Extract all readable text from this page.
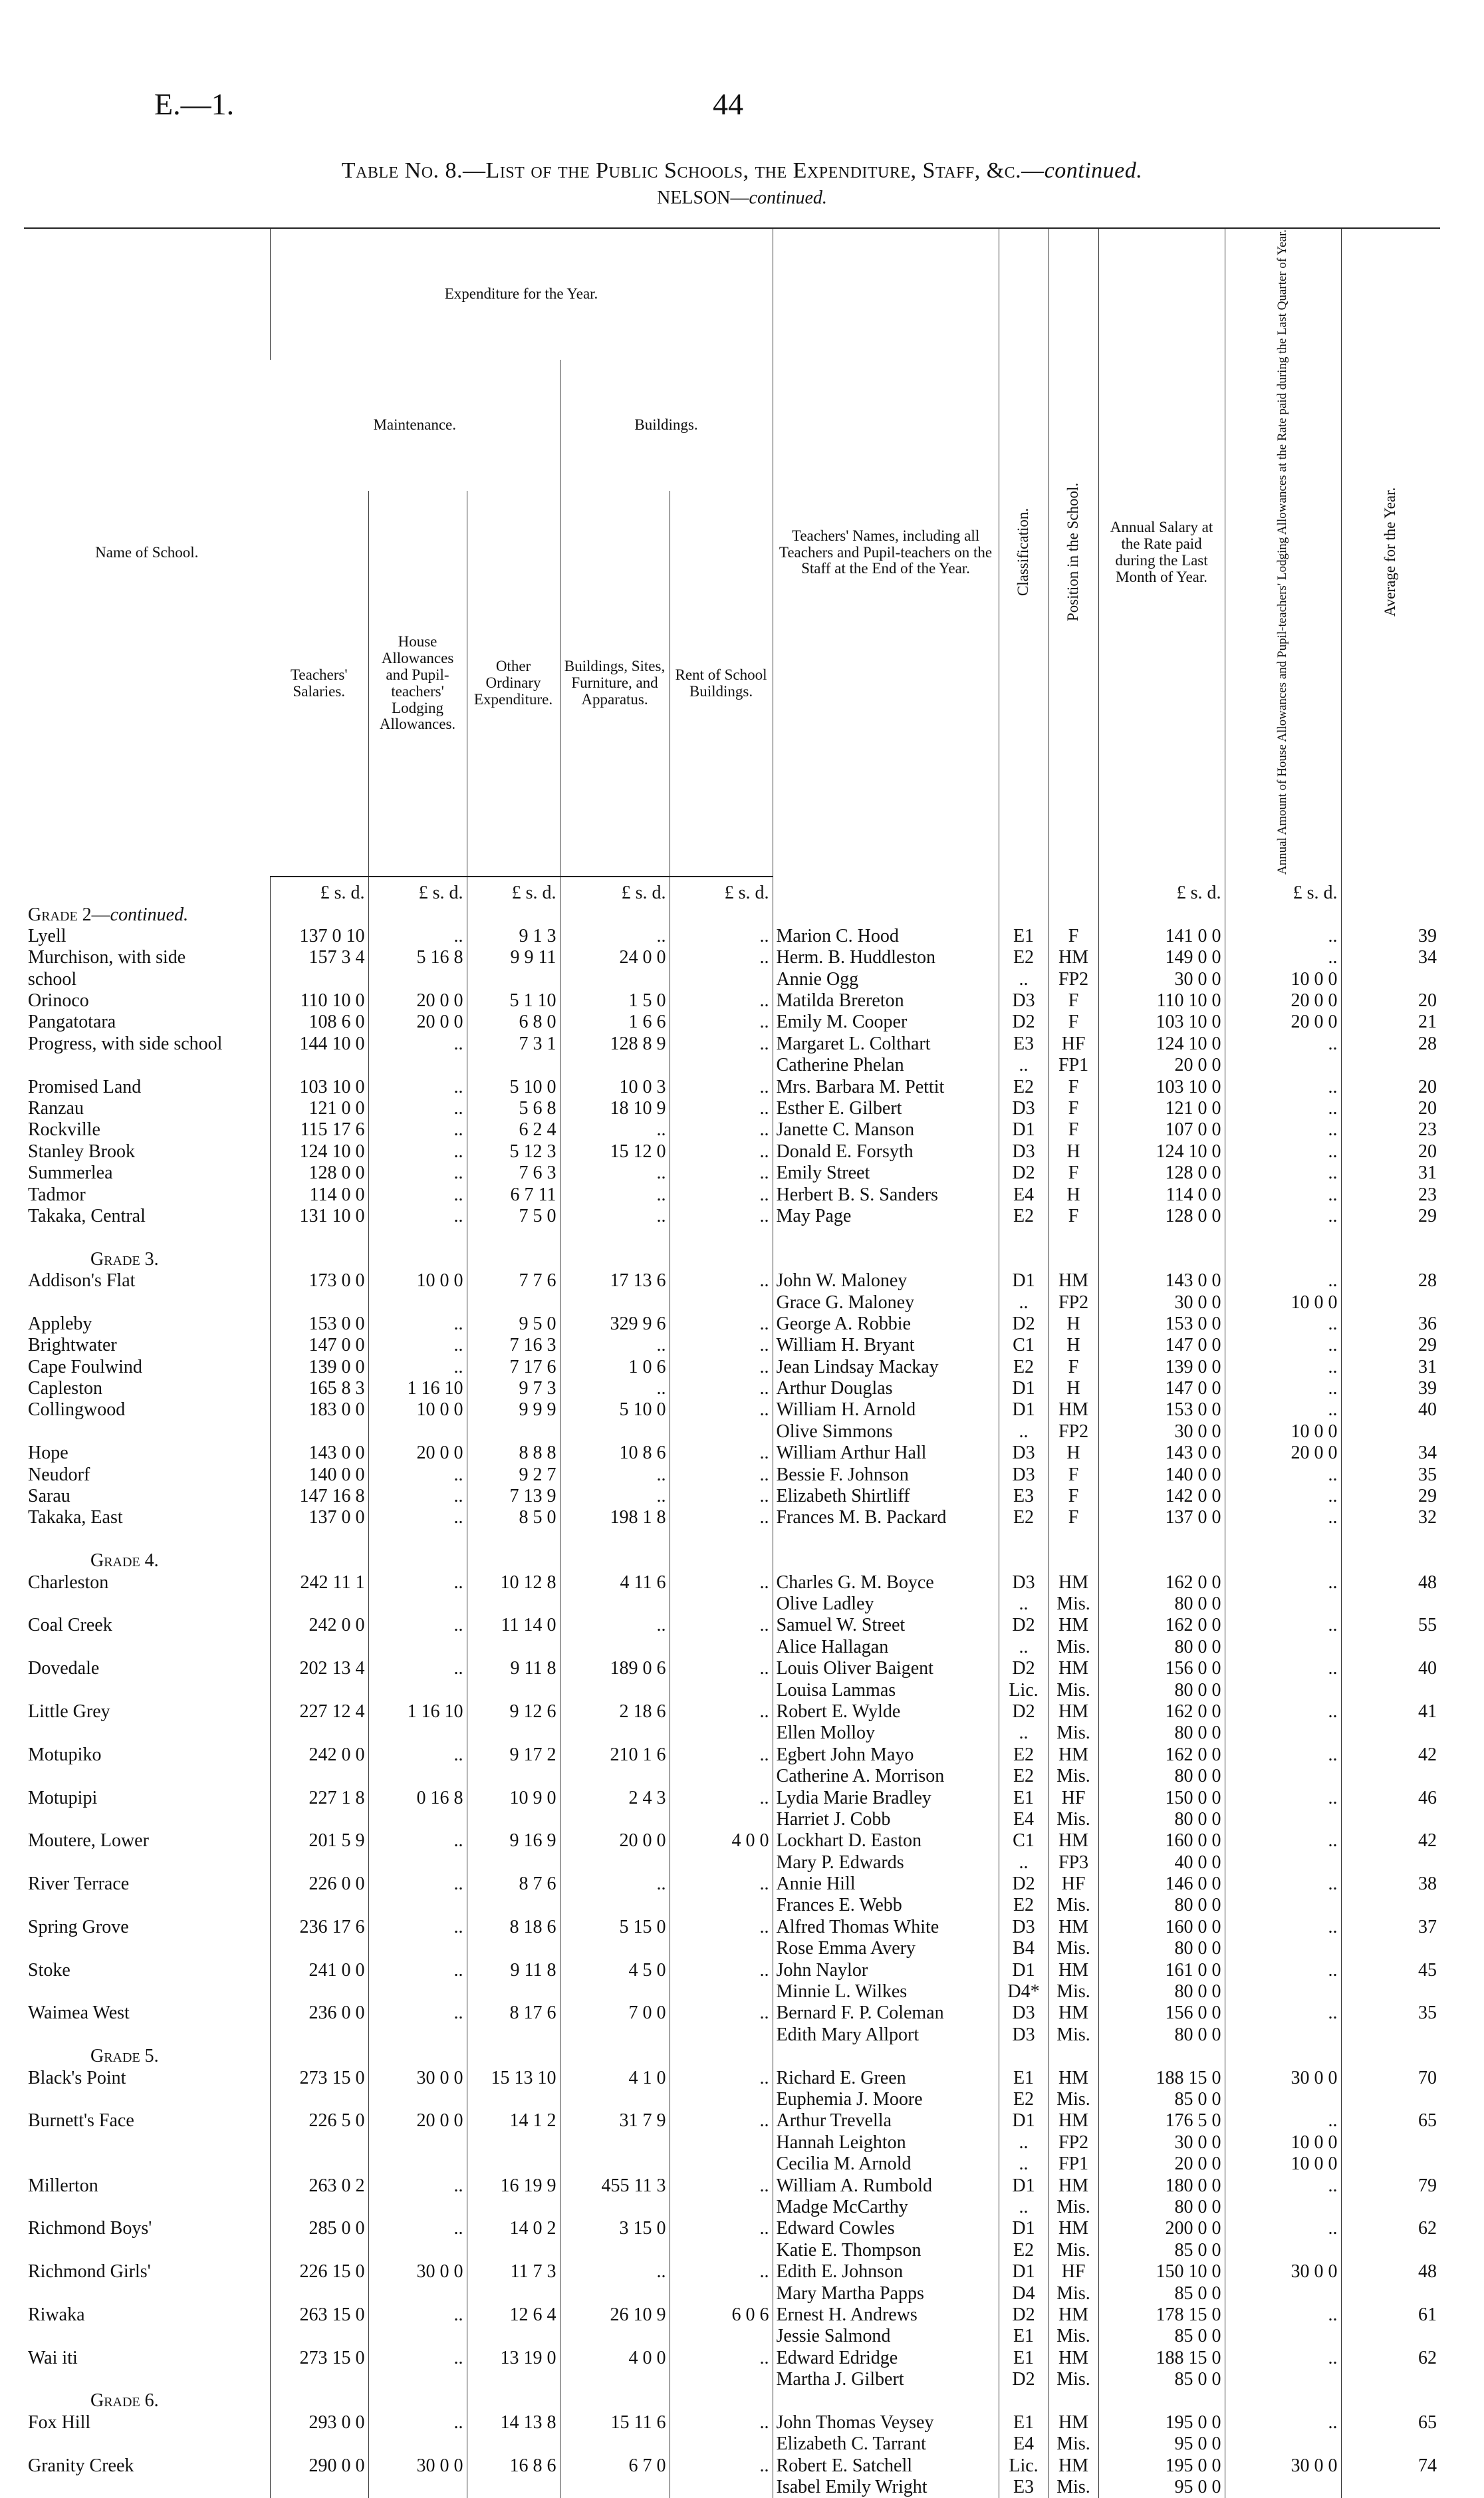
E.—1.	44
Table No. 8.—List of the Public Schools, the Expenditure, Staff, &c.—continued.
NELSON—continued.
Name of School.	Expenditure for the Year.					Teachers' Names, including all Teachers and Pupil-teachers on the Staff at the End of the Year.	Classification.	Position in the School.	Annual Salary at the Rate paid during the Last Month of Year.	Annual Amount of House Allowances and Pupil-teachers' Lodging Allowances at the Rate paid during the Last Quarter of Year.	Average for the Year.
	Maintenance.			Buildings.							
	Teachers' Salaries.	House Allowances and Pupil-teachers' Lodging Allowances.	Other Ordinary Expenditure.	Buildings, Sites, Furniture, and Apparatus.	Rent of School Buildings.						
	£ s. d.	£ s. d.	£ s. d.	£ s. d.	£ s. d.				£ s. d.	£ s. d.	
Grade 2—continued.											
Lyell	137 0 10	..	9 1 3	..	..	Marion C. Hood	E1	F	141 0 0	..	39
Murchison, with side	157 3 4	5 16 8	9 9 11	24 0 0	..	Herm. B. Huddleston	E2	HM	149 0 0	..	34
school						Annie Ogg	..	FP2	30 0 0	10 0 0	
Orinoco	110 10 0	20 0 0	5 1 10	1 5 0	..	Matilda Brereton	D3	F	110 10 0	20 0 0	20
Pangatotara	108 6 0	20 0 0	6 8 0	1 6 6	..	Emily M. Cooper	D2	F	103 10 0	20 0 0	21
Progress, with side school	144 10 0	..	7 3 1	128 8 9	..	Margaret L. Colthart	E3	HF	124 10 0	..	28
						Catherine Phelan	..	FP1	20 0 0		
Promised Land	103 10 0	..	5 10 0	10 0 3	..	Mrs. Barbara M. Pettit	E2	F	103 10 0	..	20
Ranzau	121 0 0	..	5 6 8	18 10 9	..	Esther E. Gilbert	D3	F	121 0 0	..	20
Rockville	115 17 6	..	6 2 4	..	..	Janette C. Manson	D1	F	107 0 0	..	23
Stanley Brook	124 10 0	..	5 12 3	15 12 0	..	Donald E. Forsyth	D3	H	124 10 0	..	20
Summerlea	128 0 0	..	7 6 3	..	..	Emily Street	D2	F	128 0 0	..	31
Tadmor	114 0 0	..	6 7 11	..	..	Herbert B. S. Sanders	E4	H	114 0 0	..	23
Takaka, Central	131 10 0	..	7 5 0	..	..	May Page	E2	F	128 0 0	..	29

Grade 3.											
Addison's Flat	173 0 0	10 0 0	7 7 6	17 13 6	..	John W. Maloney	D1	HM	143 0 0	..	28
						Grace G. Maloney	..	FP2	30 0 0	10 0 0	
Appleby	153 0 0	..	9 5 0	329 9 6	..	George A. Robbie	D2	H	153 0 0	..	36
Brightwater	147 0 0	..	7 16 3	..	..	William H. Bryant	C1	H	147 0 0	..	29
Cape Foulwind	139 0 0	..	7 17 6	1 0 6	..	Jean Lindsay Mackay	E2	F	139 0 0	..	31
Capleston	165 8 3	1 16 10	9 7 3	..	..	Arthur Douglas	D1	H	147 0 0	..	39
Collingwood	183 0 0	10 0 0	9 9 9	5 10 0	..	William H. Arnold	D1	HM	153 0 0	..	40
						Olive Simmons	..	FP2	30 0 0	10 0 0	
Hope	143 0 0	20 0 0	8 8 8	10 8 6	..	William Arthur Hall	D3	H	143 0 0	20 0 0	34
Neudorf	140 0 0	..	9 2 7	..	..	Bessie F. Johnson	D3	F	140 0 0	..	35
Sarau	147 16 8	..	7 13 9	..	..	Elizabeth Shirtliff	E3	F	142 0 0	..	29
Takaka, East	137 0 0	..	8 5 0	198 1 8	..	Frances M. B. Packard	E2	F	137 0 0	..	32

Grade 4.											
Charleston	242 11 1	..	10 12 8	4 11 6	..	Charles G. M. Boyce	D3	HM	162 0 0	..	48
						Olive Ladley	..	Mis.	80 0 0		
Coal Creek	242 0 0	..	11 14 0	..	..	Samuel W. Street	D2	HM	162 0 0	..	55
						Alice Hallagan	..	Mis.	80 0 0		
Dovedale	202 13 4	..	9 11 8	189 0 6	..	Louis Oliver Baigent	D2	HM	156 0 0	..	40
						Louisa Lammas	Lic.	Mis.	80 0 0		
Little Grey	227 12 4	1 16 10	9 12 6	2 18 6	..	Robert E. Wylde	D2	HM	162 0 0	..	41
						Ellen Molloy	..	Mis.	80 0 0		
Motupiko	242 0 0	..	9 17 2	210 1 6	..	Egbert John Mayo	E2	HM	162 0 0	..	42
						Catherine A. Morrison	E2	Mis.	80 0 0		
Motupipi	227 1 8	0 16 8	10 9 0	2 4 3	..	Lydia Marie Bradley	E1	HF	150 0 0	..	46
						Harriet J. Cobb	E4	Mis.	80 0 0		
Moutere, Lower	201 5 9	..	9 16 9	20 0 0	4 0 0	Lockhart D. Easton	C1	HM	160 0 0	..	42
						Mary P. Edwards	..	FP3	40 0 0		
River Terrace	226 0 0	..	8 7 6	..	..	Annie Hill	D2	HF	146 0 0	..	38
						Frances E. Webb	E2	Mis.	80 0 0		
Spring Grove	236 17 6	..	8 18 6	5 15 0	..	Alfred Thomas White	D3	HM	160 0 0	..	37
						Rose Emma Avery	B4	Mis.	80 0 0		
Stoke	241 0 0	..	9 11 8	4 5 0	..	John Naylor	D1	HM	161 0 0	..	45
						Minnie L. Wilkes	D4*	Mis.	80 0 0		
Waimea West	236 0 0	..	8 17 6	7 0 0	..	Bernard F. P. Coleman	D3	HM	156 0 0	..	35
						Edith Mary Allport	D3	Mis.	80 0 0		
Grade 5.											
Black's Point	273 15 0	30 0 0	15 13 10	4 1 0	..	Richard E. Green	E1	HM	188 15 0	30 0 0	70
						Euphemia J. Moore	E2	Mis.	85 0 0		
Burnett's Face	226 5 0	20 0 0	14 1 2	31 7 9	..	Arthur Trevella	D1	HM	176 5 0	..	65
						Hannah Leighton	..	FP2	30 0 0	10 0 0	
						Cecilia M. Arnold	..	FP1	20 0 0	10 0 0	
Millerton	263 0 2	..	16 19 9	455 11 3	..	William A. Rumbold	D1	HM	180 0 0	..	79
						Madge McCarthy	..	Mis.	80 0 0		
Richmond Boys'	285 0 0	..	14 0 2	3 15 0	..	Edward Cowles	D1	HM	200 0 0	..	62
						Katie E. Thompson	E2	Mis.	85 0 0		
Richmond Girls'	226 15 0	30 0 0	11 7 3	..	..	Edith E. Johnson	D1	HF	150 10 0	30 0 0	48
						Mary Martha Papps	D4	Mis.	85 0 0		
Riwaka	263 15 0	..	12 6 4	26 10 9	6 0 6	Ernest H. Andrews	D2	HM	178 15 0	..	61
						Jessie Salmond	E1	Mis.	85 0 0		
Wai iti	273 15 0	..	13 19 0	4 0 0	..	Edward Edridge	E1	HM	188 15 0	..	62
						Martha J. Gilbert	D2	Mis.	85 0 0		
Grade 6.											
Fox Hill	293 0 0	..	14 13 8	15 11 6	..	John Thomas Veysey	E1	HM	195 0 0	..	65
						Elizabeth C. Tarrant	E4	Mis.	95 0 0		
Granity Creek	290 0 0	30 0 0	16 8 6	6 7 0	..	Robert E. Satchell	Lic.	HM	195 0 0	30 0 0	74
						Isabel Emily Wright	E3	Mis.	95 0 0		
